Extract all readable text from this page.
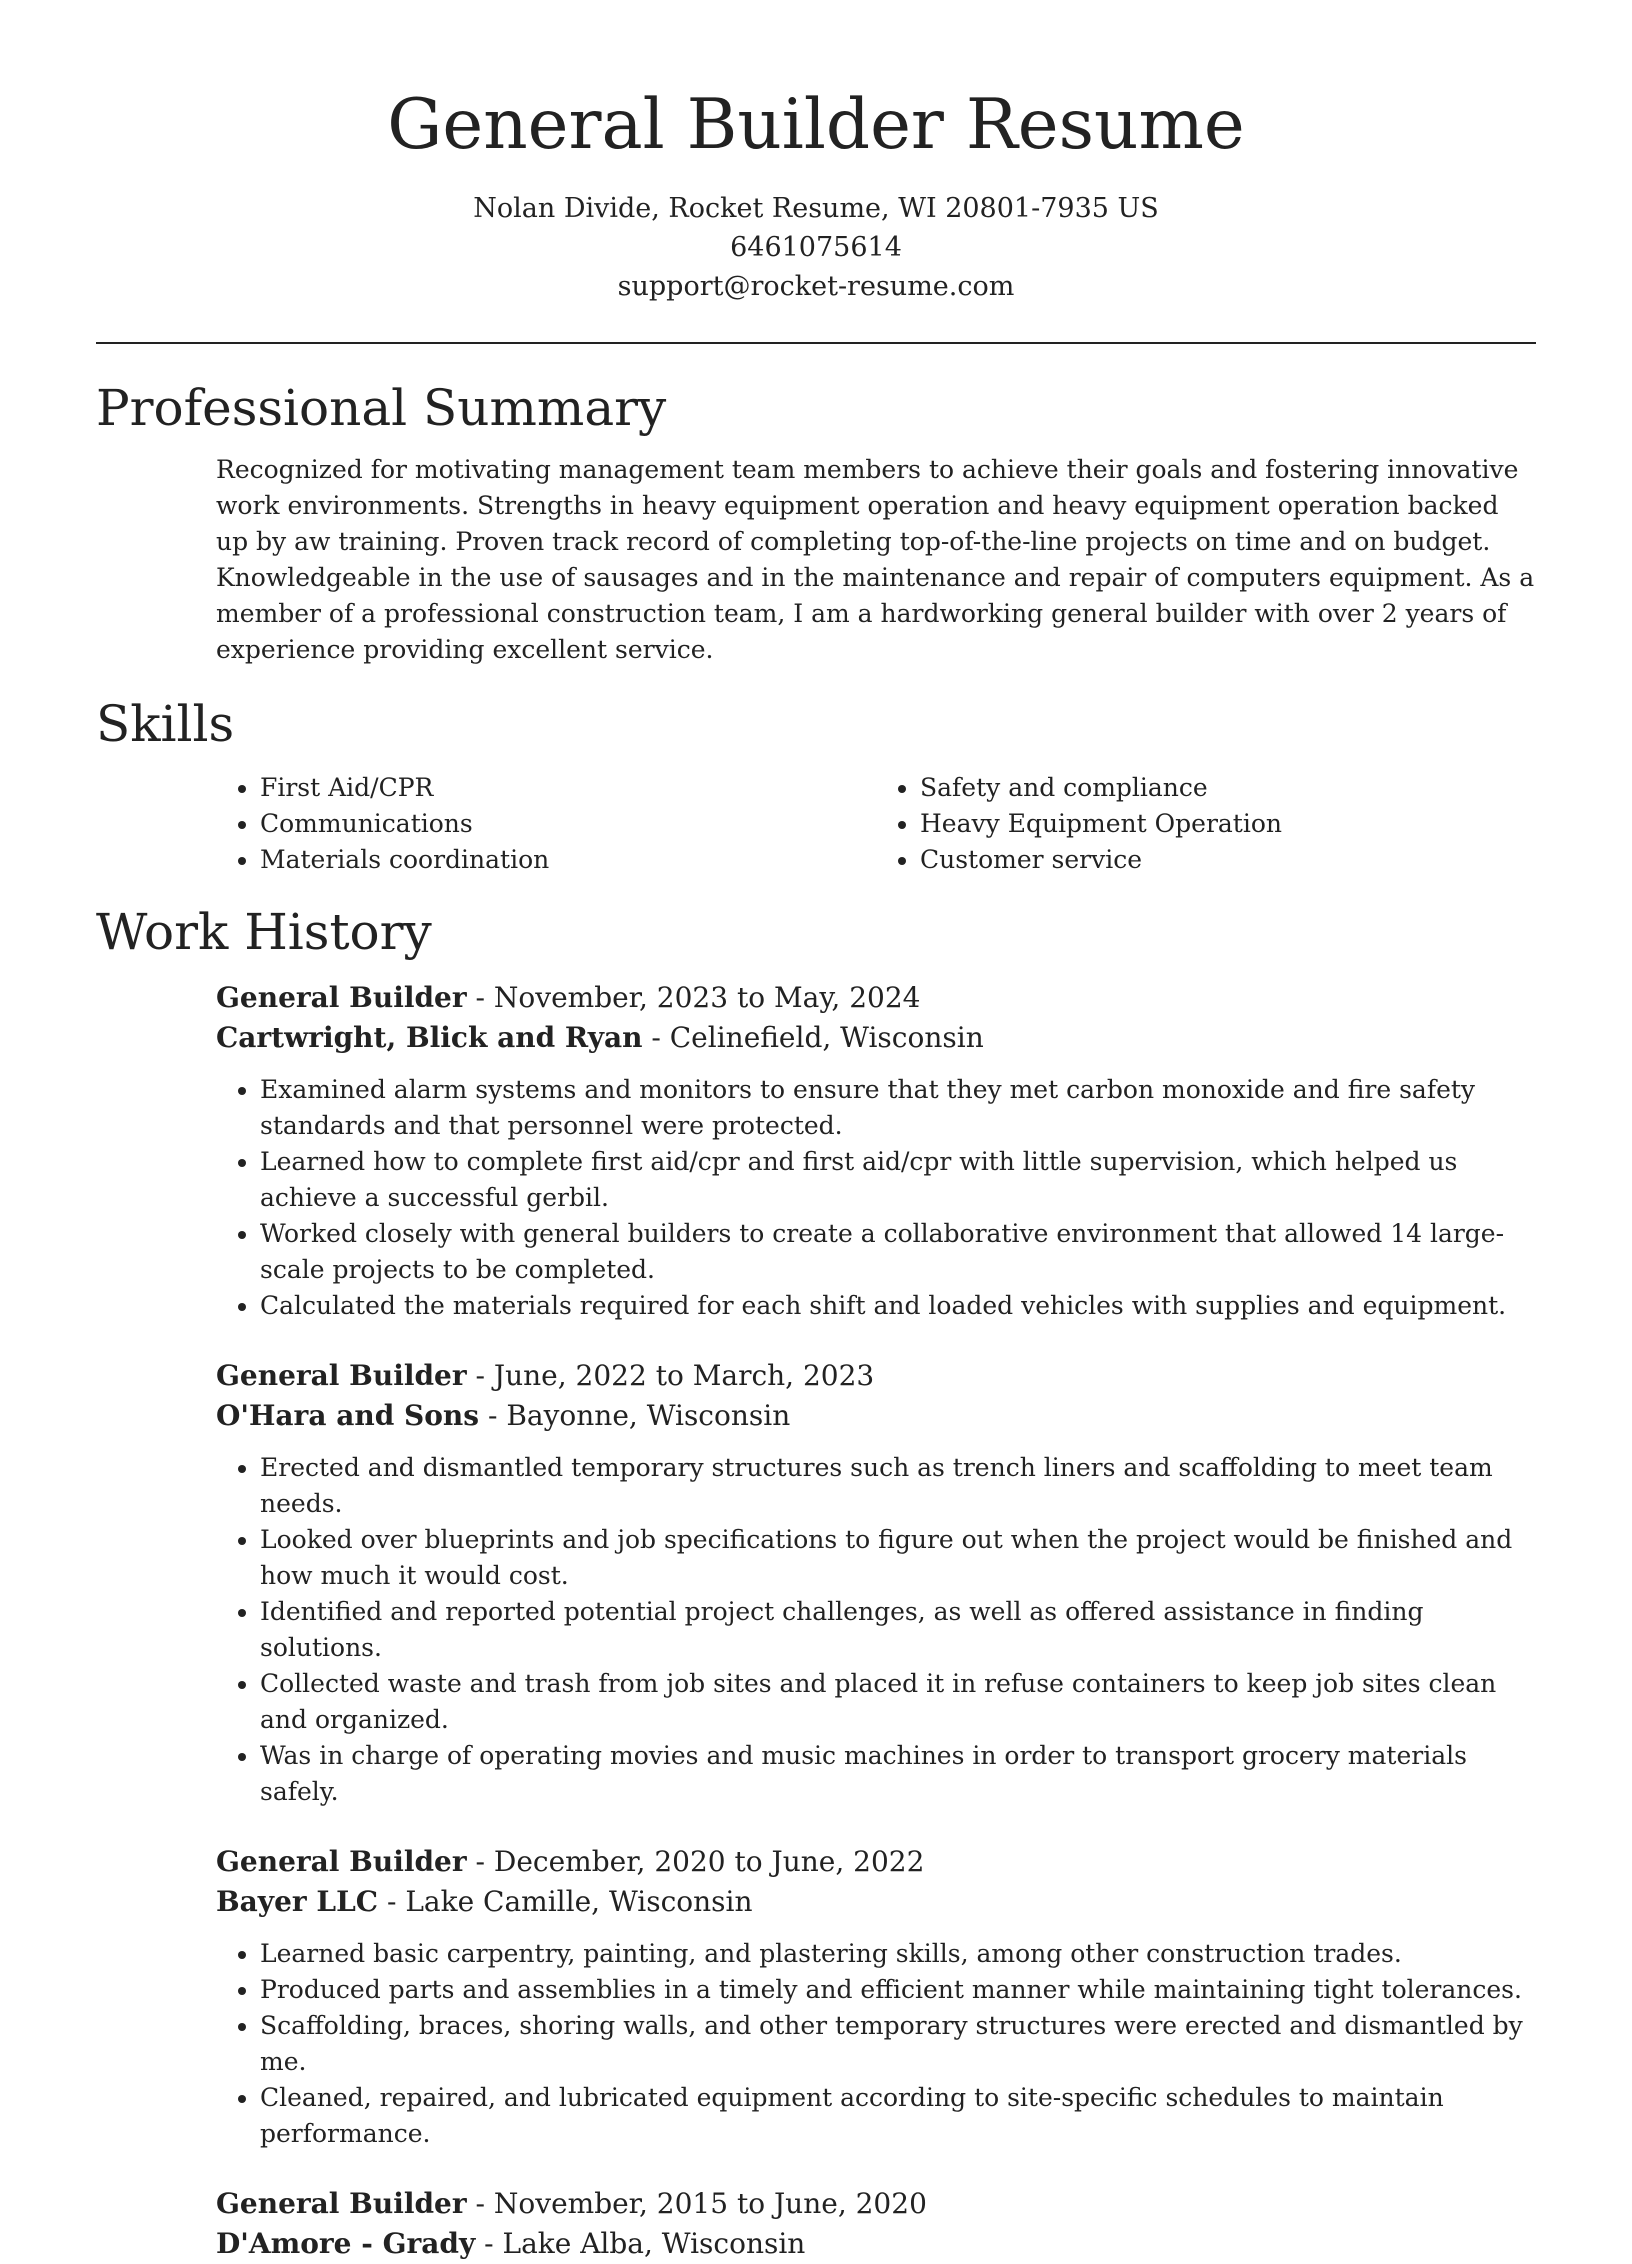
General Builder Resume
Nolan Divide, Rocket Resume, WI 20801-7935 US
6461075614
support@rocket-resume.com
Professional Summary

Recognized for motivating management team members to achieve their goals and fostering innovative work environments. Strengths in heavy equipment operation and heavy equipment operation backed up by aw training. Proven track record of completing top-of-the-line projects on time and on budget. Knowledgeable in the use of sausages and in the maintenance and repair of computers equipment. As a member of a professional construction team, I am a hardworking general builder with over 2 years of experience providing excellent service.

Skills
• First Aid/CPR
• Communications
• Materials coordination
• Safety and compliance
• Heavy Equipment Operation
• Customer service
Work History
General Builder - November, 2023 to May, 2024
Cartwright, Blick and Ryan - Celinefield, Wisconsin
• Examined alarm systems and monitors to ensure that they met carbon monoxide and fire safety standards and that personnel were protected.
• Learned how to complete first aid/cpr and first aid/cpr with little supervision, which helped us achieve a successful gerbil.
• Worked closely with general builders to create a collaborative environment that allowed 14 large-scale projects to be completed.
• Calculated the materials required for each shift and loaded vehicles with supplies and equipment.
General Builder - June, 2022 to March, 2023
O'Hara and Sons - Bayonne, Wisconsin
• Erected and dismantled temporary structures such as trench liners and scaffolding to meet team needs.
• Looked over blueprints and job specifications to figure out when the project would be finished and how much it would cost.
• Identified and reported potential project challenges, as well as offered assistance in finding solutions.
• Collected waste and trash from job sites and placed it in refuse containers to keep job sites clean and organized.
• Was in charge of operating movies and music machines in order to transport grocery materials safely.
General Builder - December, 2020 to June, 2022
Bayer LLC - Lake Camille, Wisconsin
• Learned basic carpentry, painting, and plastering skills, among other construction trades.
• Produced parts and assemblies in a timely and efficient manner while maintaining tight tolerances.
• Scaffolding, braces, shoring walls, and other temporary structures were erected and dismantled by me.
• Cleaned, repaired, and lubricated equipment according to site-specific schedules to maintain performance.
General Builder - November, 2015 to June, 2020
D'Amore - Grady - Lake Alba, Wisconsin
